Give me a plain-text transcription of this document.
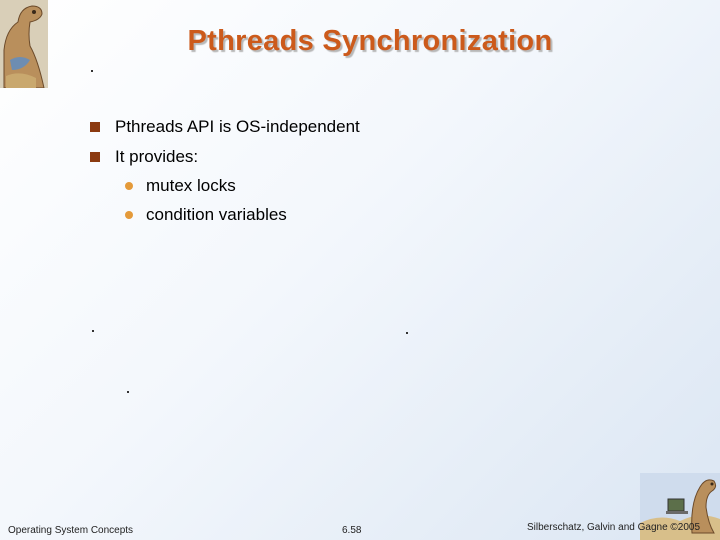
Pthreads Synchronization
Pthreads API is OS-independent
It provides:
mutex locks
condition variables
Operating System Concepts	6.58	Silberschatz, Galvin and Gagne ©2005
